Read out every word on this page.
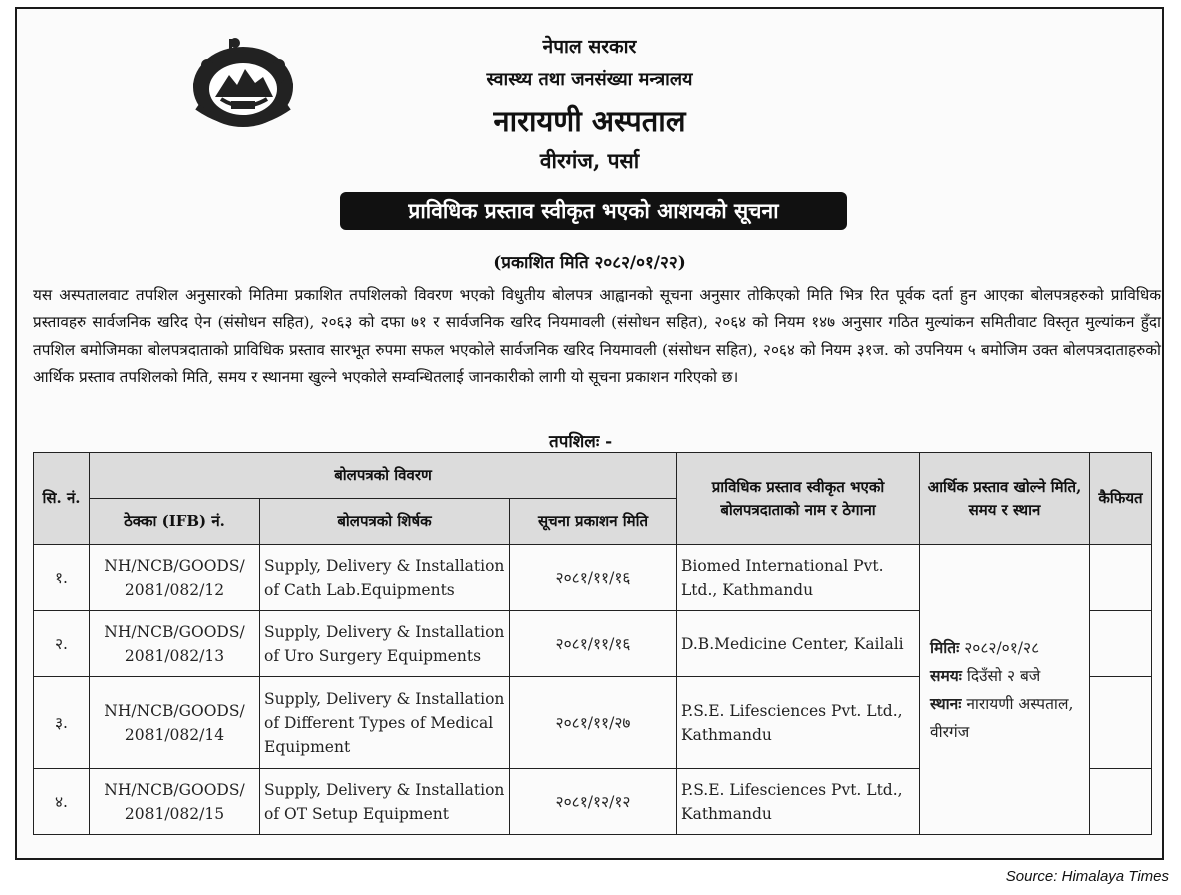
नेपाल सरकार
स्वास्थ्य तथा जनसंख्या मन्त्रालय
नारायणी अस्पताल
वीरगंज, पर्सा
प्राविधिक प्रस्ताव स्वीकृत भएको आशयको सूचना
(प्रकाशित मिति २०८२/०१/२२)
यस अस्पतालवाट तपशिल अनुसारको मितिमा प्रकाशित तपशिलको विवरण भएको विधुतीय बोलपत्र आह्वानको सूचना अनुसार तोकिएको मिति भित्र रित पूर्वक दर्ता हुन आएका बोलपत्रहरुको प्राविधिक प्रस्तावहरु सार्वजनिक खरिद ऐन (संसोधन सहित), २०६३ को दफा ७१ र सार्वजनिक खरिद नियमावली (संसोधन सहित), २०६४ को नियम १४७ अनुसार गठित मुल्यांकन समितीवाट विस्तृत मुल्यांकन हुँदा तपशिल बमोजिमका बोलपत्रदाताको प्राविधिक प्रस्ताव सारभूत रुपमा सफल भएकोले सार्वजनिक खरिद नियमावली (संसोधन सहित), २०६४ को नियम ३१ज. को उपनियम ५ बमोजिम उक्त बोलपत्रदाताहरुको आर्थिक प्रस्ताव तपशिलको मिति, समय र स्थानमा खुल्ने भएकोले सम्वन्धितलाई जानकारीको लागी यो सूचना प्रकाशन गरिएको छ।
तपशिलः -
सि. नं.	बोलपत्रको विवरण			प्राविधिक प्रस्ताव स्वीकृत भएको बोलपत्रदाताको नाम र ठेगाना	आर्थिक प्रस्ताव खोल्ने मिति, समय र स्थान	कैफियत
	ठेक्का (IFB) नं.	बोलपत्रको शिर्षक	सूचना प्रकाशन मिति			
१.	NH/NCB/GOODS/ 2081/082/12	Supply, Delivery & Installation of Cath Lab.Equipments	२०८१/११/१६	Biomed International Pvt. Ltd., Kathmandu	मितिः २०८२/०१/२८
समयः दिउँसो २ बजे
स्थानः नारायणी अस्पताल, वीरगंज	

२.	NH/NCB/GOODS/ 2081/082/13	Supply, Delivery & Installation of Uro Surgery Equipments	२०८१/११/१६	D.B.Medicine Center, Kailali		
३.	NH/NCB/GOODS/ 2081/082/14	Supply, Delivery & Installation of Different Types of Medical Equipment	२०८१/११/२७	P.S.E. Lifesciences Pvt. Ltd., Kathmandu		
४.	NH/NCB/GOODS/ 2081/082/15	Supply, Delivery & Installation of OT Setup Equipment	२०८१/१२/१२	P.S.E. Lifesciences Pvt. Ltd., Kathmandu		
Source: Himalaya Times
